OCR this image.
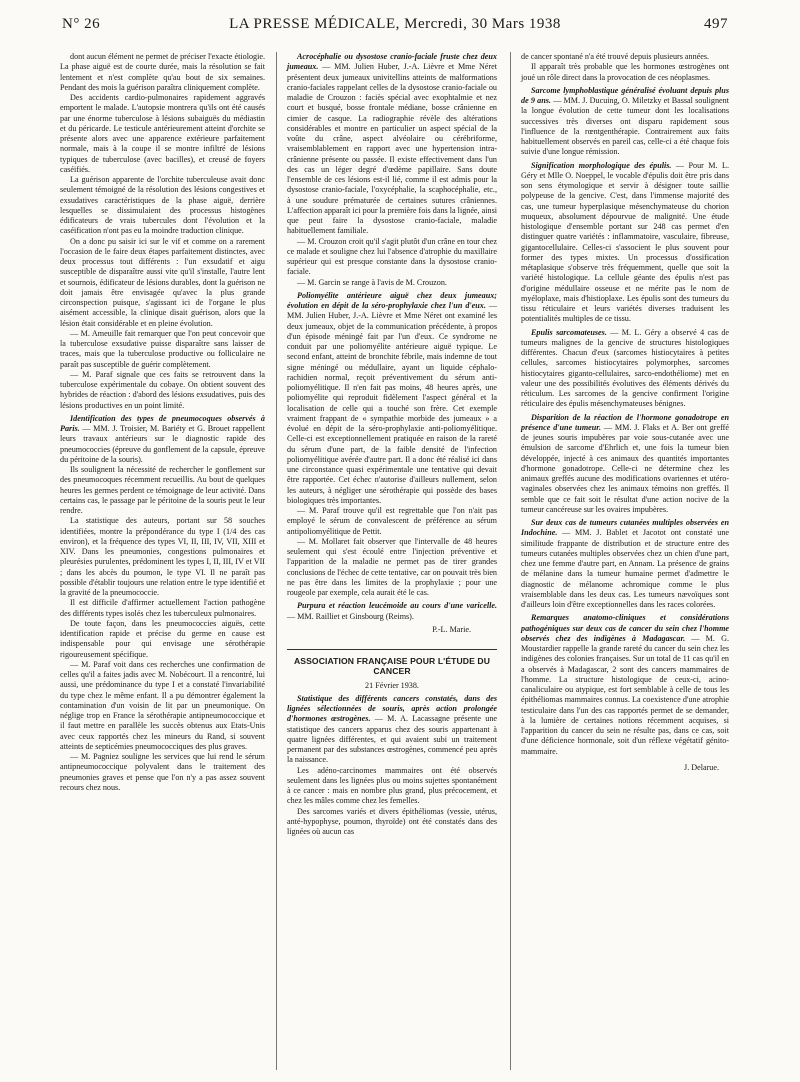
N° 26	LA PRESSE MÉDICALE, Mercredi, 30 Mars 1938	497

dont aucun élément ne permet de préciser l'exacte étiologie. La phase aiguë est de courte durée, mais la résolution se fait lentement et n'est complète qu'au bout de six semaines. Pendant des mois la guérison paraîtra cliniquement complète.

Des accidents cardio-pulmonaires rapidement aggravés emportent le malade. L'autopsie montrera qu'ils ont été causés par une énorme tuberculose à lésions subaiguës du médiastin et du péricarde. Le testicule antérieurement atteint d'orchite se présente alors avec une apparence extérieure parfaitement normale, mais à la coupe il se montre infiltré de lésions typiques de tuberculose (avec bacilles), et creusé de foyers caséifiés.

La guérison apparente de l'orchite tuberculeuse avait donc seulement témoigné de la résolution des lésions congestives et exsudatives caractéristiques de la phase aiguë, derrière lesquelles se dissimulaient des processus histogènes édificateurs de vrais tubercules dont l'évolution et la caséification n'ont pas eu la moindre traduction clinique.

On a donc pu saisir ici sur le vif et comme on a rarement l'occasion de le faire deux étapes parfaitement distinctes, avec deux processus tout différents : l'un exsudatif et aigu susceptible de disparaître aussi vite qu'il s'installe, l'autre lent et sournois, édificateur de lésions durables, dont la guérison ne doit jamais être envisagée qu'avec la plus grande circonspection puisque, s'agissant ici de l'organe le plus aisément accessible, la clinique disait guérison, alors que la lésion était considérable et en pleine évolution.

— M. Ameuille fait remarquer que l'on peut concevoir que la tuberculose exsudative puisse disparaître sans laisser de traces, mais que la tuberculose productive ou folliculaire ne paraît pas susceptible de guérir complètement.

— M. Paraf signale que ces faits se retrouvent dans la tuberculose expérimentale du cobaye. On obtient souvent des hybrides de réaction : d'abord des lésions exsudatives, puis des lésions productives en un point limité.

Identification des types de pneumocoques observés à Paris. — MM. J. Troisier, M. Bariéty et G. Brouet rappellent leurs travaux antérieurs sur le diagnostic rapide des pneumococcies (épreuve du gonflement de la capsule, épreuve du péritoine de la souris).

Ils soulignent la nécessité de rechercher le gonflement sur des pneumocoques récemment recueillis. Au bout de quelques heures les germes perdent ce témoignage de leur activité. Dans certains cas, le passage par le péritoine de la souris peut le leur rendre.

La statistique des auteurs, portant sur 58 souches identifiées, montre la prépondérance du type I (1/4 des cas environ), et la fréquence des types VI, II, III, IV, VII, XIII et XIV. Dans les pneumonies, congestions pulmonaires et pleurésies purulentes, prédominent les types I, II, III, IV et VII ; dans les abcès du poumon, le type VI. Il ne paraît pas possible d'établir toujours une relation entre le type identifié et la gravité de la pneumococcie.

Il est difficile d'affirmer actuellement l'action pathogène des différents types isolés chez les tuberculeux pulmonaires.

De toute façon, dans les pneumococcies aiguës, cette identification rapide et précise du germe en cause est indispensable pour qui envisage une sérothérapie rigoureusement spécifique.

— M. Paraf voit dans ces recherches une confirmation de celles qu'il a faites jadis avec M. Nobécourt. Il a rencontré, lui aussi, une prédominance du type I et a constaté l'invariabilité du type chez le même enfant. Il a pu démontrer également la contamination d'un voisin de lit par un pneumonique. On néglige trop en France la sérothérapie antipneumococcique et il faut mettre en parallèle les succès obtenus aux Etats-Unis avec ceux rapportés chez les mineurs du Rand, si souvent atteints de septicémies pneumococciques des plus graves.

— M. Pagniez souligne les services que lui rend le sérum antipneumococcique polyvalent dans le traitement des pneumonies graves et pense que l'on n'y a pas assez souvent recours chez nous.

Acrocéphalie ou dysostose cranio-faciale fruste chez deux jumeaux. — MM. Julien Huber, J.-A. Lièvre et Mme Néret présentent deux jumeaux univitellins atteints de malformations cranio-faciales rappelant celles de la dysostose cranio-faciale ou maladie de Crouzon : faciès spécial avec exophtalmie et nez court et busqué, bosse frontale médiane, bosse crânienne en cimier de casque. La radiographie révèle des altérations considérables et montre en particulier un aspect spécial de la voûte du crâne, aspect alvéolaire ou cérébriforme, vraisemblablement en rapport avec une hypertension intra-crânienne présente ou passée. Il existe effectivement dans l'un des cas un léger degré d'œdème papillaire. Sans doute l'ensemble de ces lésions est-il lié, comme il est admis pour la dysostose cranio-faciale, l'oxycéphalie, la scaphocéphalie, etc., à une soudure prématurée de certaines sutures crâniennes. L'affection apparaît ici pour la première fois dans la lignée, ainsi que peut faire la dysostose cranio-faciale, maladie habituellement familiale.

— M. Crouzon croit qu'il s'agit plutôt d'un crâne en tour chez ce malade et souligne chez lui l'absence d'atrophie du maxillaire supérieur qui est presque constante dans la dysostose cranio-faciale.

— M. Garcin se range à l'avis de M. Crouzon.

Poliomyélite antérieure aiguë chez deux jumeaux; évolution en dépit de la séro-prophylaxie chez l'un d'eux. — MM. Julien Huber, J.-A. Lièvre et Mme Néret ont examiné les deux jumeaux, objet de la communication précédente, à propos d'un épisode méningé fait par l'un d'eux. Ce syndrome ne conduit par une poliomyélite antérieure aiguë typique. Le second enfant, atteint de bronchite fébrile, mais indemne de tout signe méningé ou médullaire, ayant un liquide céphalo-rachidien normal, reçoit préventivement du sérum anti-poliomyélitique. Il n'en fait pas moins, 48 heures après, une poliomyélite qui reproduit fidèlement l'aspect général et la localisation de celle qui a touché son frère. Cet exemple vraiment frappant de « sympathie morbide des jumeaux » a évolué en dépit de la séro-prophylaxie anti-poliomyélitique. Celle-ci est exceptionnellement pratiquée en raison de la rareté du sérum d'une part, de la faible densité de l'infection poliomyélitique avérée d'autre part. Il a donc été réalisé ici dans une circonstance quasi expérimentale une tentative qui devait être rapportée. Cet échec n'autorise d'ailleurs nullement, selon les auteurs, à négliger une sérothérapie qui possède des bases biologiques très importantes.

— M. Paraf trouve qu'il est regrettable que l'on n'ait pas employé le sérum de convalescent de préférence au sérum antipoliomyélitique de Pettit.

— M. Mollaret fait observer que l'intervalle de 48 heures seulement qui s'est écoulé entre l'injection préventive et l'apparition de la maladie ne permet pas de tirer grandes conclusions de l'échec de cette tentative, car on pouvait très bien ne pas être dans les limites de la prophylaxie ; pour une rougeole par exemple, cela aurait été le cas.

Purpura et réaction leucémoide au cours d'une varicelle. — MM. Railliet et Ginsbourg (Reims).

P.-L. Marie.
ASSOCIATION FRANÇAISE POUR L'ÉTUDE DU CANCER
21 Février 1938.

Statistique des différents cancers constatés, dans des lignées sélectionnées de souris, après action prolongée d'hormones œstrogènes. — M. A. Lacassagne présente une statistique des cancers apparus chez des souris appartenant à quatre lignées différentes, et qui avaient subi un traitement permanent par des substances œstrogènes, commencé peu après la naissance.

Les adéno-carcinomes mammaires ont été observés seulement dans les lignées plus ou moins sujettes spontanément à ce cancer : mais en nombre plus grand, plus précocement, et chez les mâles comme chez les femelles.

Des sarcomes variés et divers épithéliomas (vessie, utérus, anté-hypophyse, poumon, thyroïde) ont été constatés dans des lignées où aucun cas

de cancer spontané n'a été trouvé depuis plusieurs années.

Il apparaît très probable que les hormones œstrogènes ont joué un rôle direct dans la provocation de ces néoplasmes.

Sarcome lymphoblastique généralisé évoluant depuis plus de 9 ans. — MM. J. Ducuing, O. Miletzky et Bassal soulignent la longue évolution de cette tumeur dont les localisations successives très diverses ont disparu rapidement sous l'influence de la rœntgenthérapie. Contrairement aux faits habituellement observés en pareil cas, celle-ci a été chaque fois suivie d'une longue rémission.

Signification morphologique des épulis. — Pour M. L. Géry et Mlle O. Noeppel, le vocable d'épulis doit être pris dans son sens étymologique et servir à désigner toute saillie polypeuse de la gencive. C'est, dans l'immense majorité des cas, une tumeur hyperplasique mésenchymateuse du chorion muqueux, absolument dépourvue de malignité. Une étude histologique d'ensemble portant sur 248 cas permet d'en distinguer quatre variétés : inflammatoire, vasculaire, fibreuse, gigantocellulaire. Celles-ci s'associent le plus souvent pour former des types mixtes. Un processus d'ossification métaplasique s'observe très fréquemment, quelle que soit la variété histologique. La cellule géante des épulis n'est pas d'origine médullaire osseuse et ne mérite pas le nom de myéloplaxe, mais d'histioplaxe. Les épulis sont des tumeurs du tissu réticulaire et leurs variétés diverses traduisent les potentialités multiples de ce tissu.

Epulis sarcomateuses. — M. L. Géry a observé 4 cas de tumeurs malignes de la gencive de structures histologiques différentes. Chacun d'eux (sarcomes histiocytaires à petites cellules, sarcomes histiocytaires polymorphes, sarcomes histiocytaires giganto-cellulaires, sarco-endothéliome) met en valeur une des possibilités évolutives des éléments dérivés du réticulum. Les sarcomes de la gencive confirment l'origine réticulaire des épulis mésenchymateuses bénignes.

Disparition de la réaction de l'hormone gonadotrope en présence d'une tumeur. — MM. J. Flaks et A. Ber ont greffé de jeunes souris impubères par voie sous-cutanée avec une émulsion de sarcome d'Ehrlich et, une fois la tumeur bien développée, injecté à ces animaux des quantités importantes d'hormone gonadotrope. Celle-ci ne détermine chez les animaux greffés aucune des modifications ovariennes et utéro-vaginales observées chez les animaux témoins non greffés. Il semble que ce fait soit le résultat d'une action nocive de la tumeur cancéreuse sur les ovaires impubères.

Sur deux cas de tumeurs cutanées multiples observées en Indochine. — MM. J. Bablet et Jacotot ont constaté une similitude frappante de distribution et de structure entre des tumeurs cutanées multiples observées chez un chien d'une part, chez une femme d'autre part, en Annam. La présence de grains de mélanine dans la tumeur humaine permet d'admettre le diagnostic de mélanome achromique comme le plus vraisemblable dans les deux cas. Les tumeurs nævoïques sont d'ailleurs loin d'être exceptionnelles dans les races colorées.

Remarques anatomo-cliniques et considérations pathogéniques sur deux cas de cancer du sein chez l'homme observés chez des indigènes à Madagascar. — M. G. Moustardier rappelle la grande rareté du cancer du sein chez les indigènes des colonies françaises. Sur un total de 11 cas qu'il en a observés à Madagascar, 2 sont des cancers mammaires de l'homme. La structure histologique de ceux-ci, acino-canaliculaire ou atypique, est fort semblable à celle de tous les épithéliomas mammaires connus. La coexistence d'une atrophie testiculaire dans l'un des cas rapportés permet de se demander, à la lumière de certaines notions récemment acquises, si l'apparition du cancer du sein ne résulte pas, dans ce cas, soit d'une déficience hormonale, soit d'un réflexe végétatif génito-mammaire.

J. Delarue.
